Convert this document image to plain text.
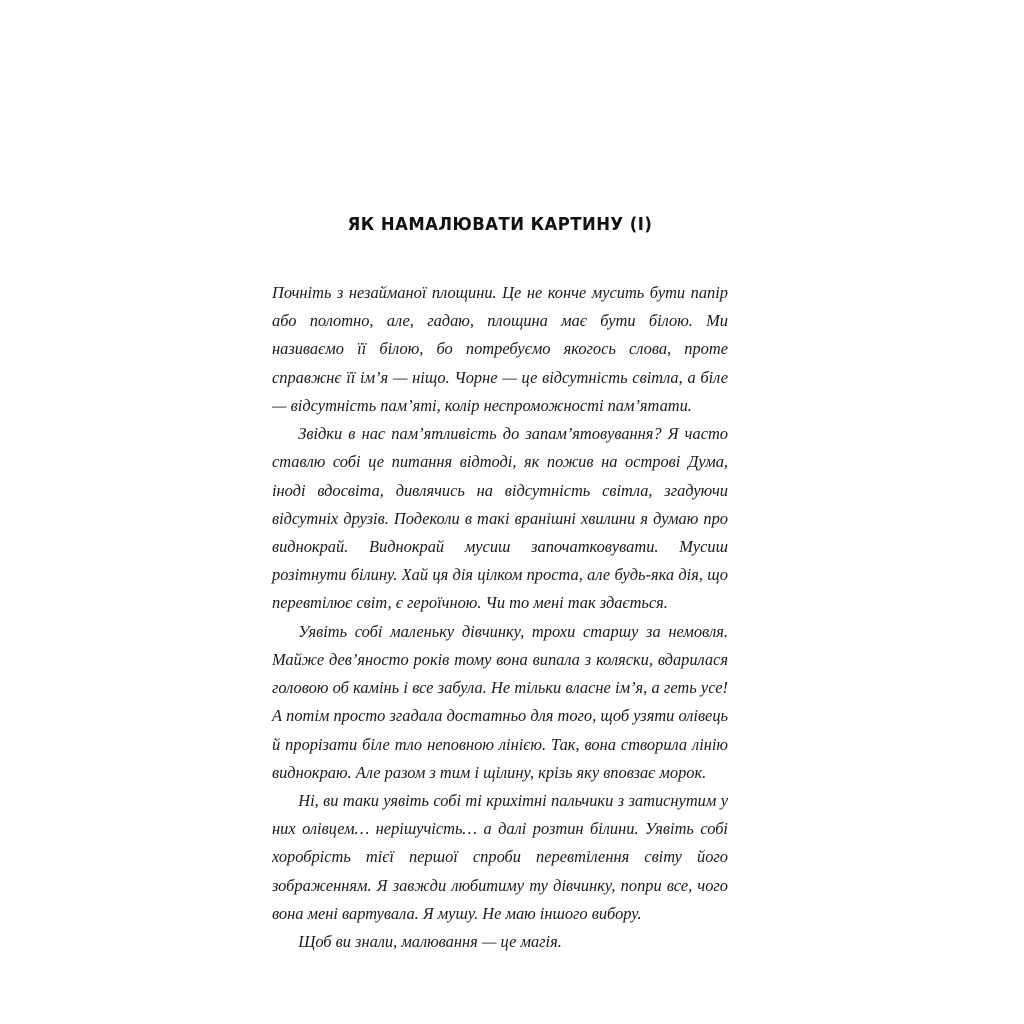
ЯК НАМАЛЮВАТИ КАРТИНУ (І)

Почніть з незайманої площини. Це не конче мусить бути папір або полотно, але, гадаю, площина має бути білою. Ми називаємо її білою, бо потребуємо якогось слова, проте справжнє її ім’я — ніщо. Чорне — це відсутність світла, а біле — відсутність пам’яті, колір неспроможності пам’ятати.

Звідки в нас пам’ятливість до запам’ятовування? Я часто ставлю собі це питання відтоді, як пожив на острові Дума, іноді вдосвіта, дивлячись на відсутність світла, згадуючи відсутніх друзів. Подеколи в такі вранішні хвилини я думаю про виднокрай. Виднокрай мусиш започатковувати. Мусиш розітнути білину. Хай ця дія цілком проста, але будь-яка дія, що перевтілює світ, є героїчною. Чи то мені так здається.

Уявіть собі маленьку дівчинку, трохи старшу за немовля. Майже дев’яносто років тому вона випала з коляски, вдарилася головою об камінь і все забула. Не тільки власне ім’я, а геть усе! А потім просто згадала достатньо для того, щоб узяти олівець й прорізати біле тло неповною лінією. Так, вона створила лінію виднокраю. Але разом з тим і щілину, крізь яку вповзає морок.

Ні, ви таки уявіть собі ті крихітні пальчики з затиснутим у них олівцем… нерішучість… а далі розтин білини. Уявіть собі хоробрість тієї першої спроби перевтілення світу його зображенням. Я завжди любитиму ту дівчинку, попри все, чого вона мені вартувала. Я мушу. Не маю іншого вибору.

Щоб ви знали, малювання — це магія.
